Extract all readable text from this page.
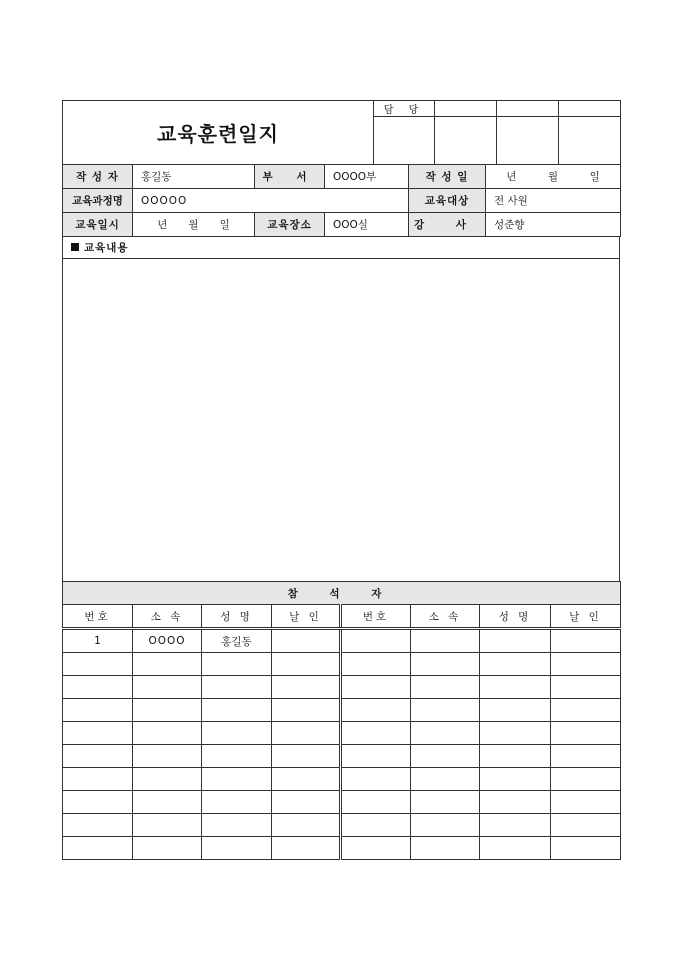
교육훈련일지	담 당			

작 성 자	홍길동	부 서	OOOO부	작 성 일	년　　　월　　　일
교육과정명	OOOOO			교육대상	전 사원
교육일시	년　　월　　일	교육장소	OOO실	강 사	성준향
교육내용

참 석 자							
번호	소 속	성 명	날 인	번호	소 속	성 명	날 인
1	OOOO	홍길동					
